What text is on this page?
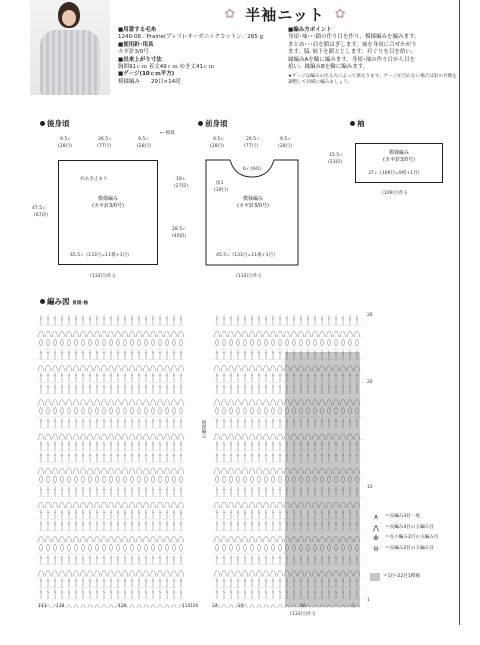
✿ 半袖ニット ✿
■用意する毛糸
1240-08／Prairie(プレリ)･オーガニックコットン／265 g
■使用針･用具
カギ針3/0号
■出来上がり寸法
胸囲91ｃｍ 着丈49ｃｍ ゆき丈41ｃｍ
■ゲージ(10ｃｍ平方)
模様編み　　29目×14段
■編み方ポイント
身頃･袖･･･鎖の作り目を作り、模様編みを編みます。
まとめ･･･肩を鎖はぎします。袖を身頃に合せかがり
ます。脇､袖下を鎖とじします。衿ぐりを目を拾い、
縁編みAを輪に編みます。身頃･袖の作り目から目を
拾い、縁編みBを輪に編みます。
★ゲージは編みの出る方によって異なります。ゲージが合わない場合は針の号数を調整して同様に編みましょう。
後身頃	前身頃	袖
9.5ｃ	26.5ｃ	9.5ｃ
(28目)	(77目)	(28目)
←-模様
衿あき止まり
模様編み
(カギ針3/0号)
47.5ｃ
(67段)
19ｃ
(27段)
28.5ｃ
(40段)
45.5ｃ (133目=11模+1目)
(133目)作る
9.5ｃ	26.5ｃ	9.5ｃ
(28目)	(77目)	(28目)
6ｃ(9段)
図1
(19目)
模様編み
(カギ針3/0号)
45.5ｃ (133目=11模+1目)
(133目)作る
15.5ｃ
(23段)
模様編み
(カギ針3/0号)
37ｃ (109目=9模+1目)
(109目)作る
編み図 身頃-袖
模様編み
133 130	120	110 100	24	20	10	1
(133目)作る
26
20
10
1
∧	＝長編み3目一度
⋀	＝長編み4目の玉編み目
⊕	＝長々編み2目の玉編み目
⊖	＝長編み2目の玉編み目
＝1目･22目1模様
